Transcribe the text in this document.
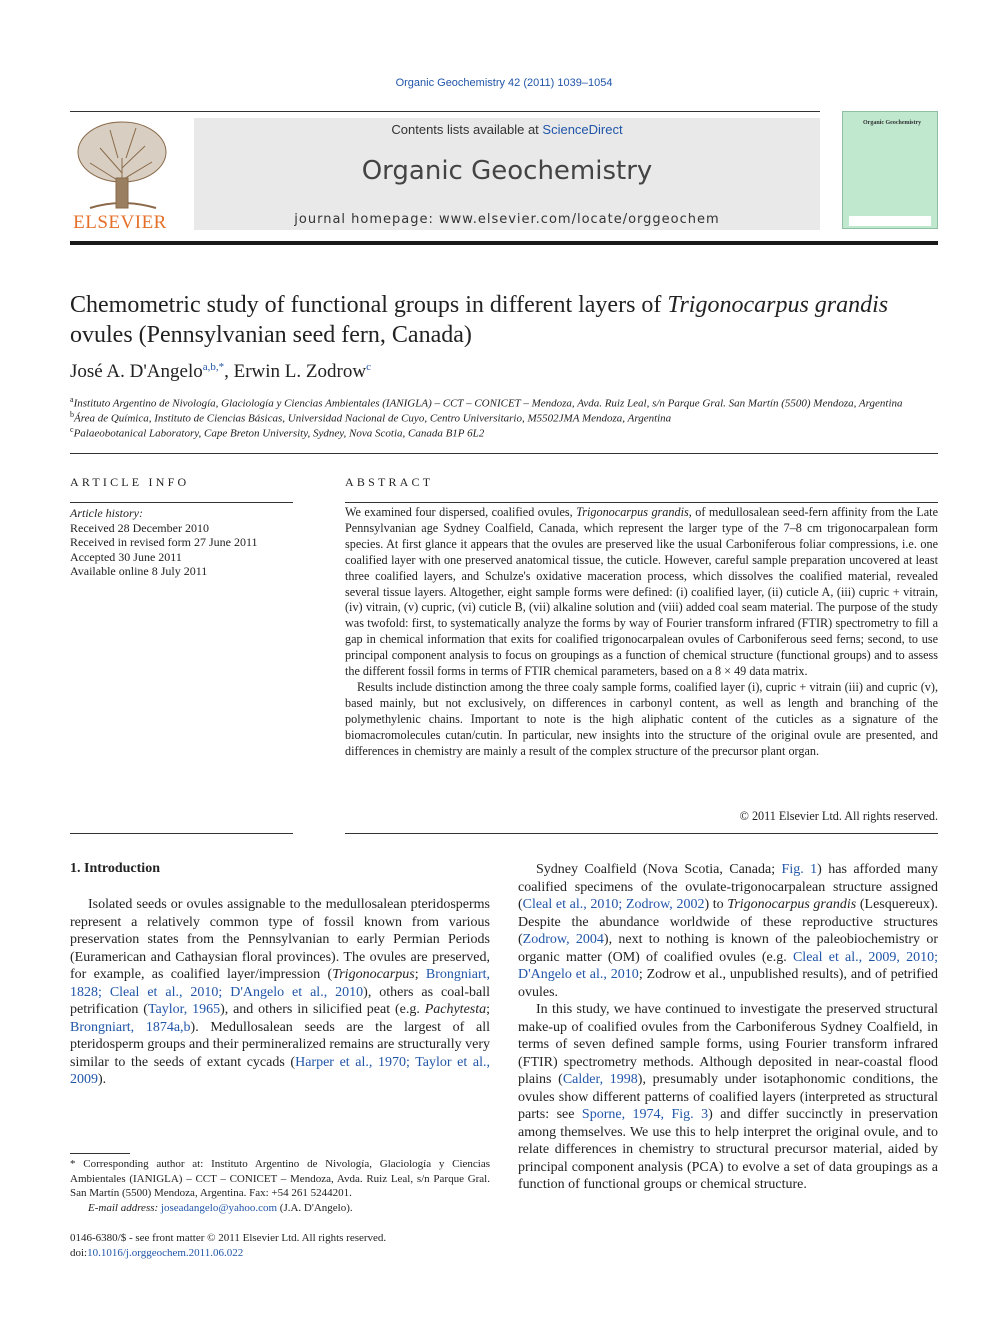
Organic Geochemistry 42 (2011) 1039–1054
ELSEVIER
Contents lists available at ScienceDirect
Organic Geochemistry
journal homepage: www.elsevier.com/locate/orggeochem
Organic Geochemistry
Chemometric study of functional groups in different layers of Trigonocarpus grandis ovules (Pennsylvanian seed fern, Canada)
José A. D'Angelo$^{a,b,*}$, Erwin L. Zodrow$^c$
$^a$Instituto Argentino de Nivología, Glaciología y Ciencias Ambientales (IANIGLA) – CCT – CONICET – Mendoza, Avda. Ruiz Leal, s/n Parque Gral. San Martín (5500) Mendoza, Argentina
$^b$Área de Química, Instituto de Ciencias Básicas, Universidad Nacional de Cuyo, Centro Universitario, M5502JMA Mendoza, Argentina
$^c$Palaeobotanical Laboratory, Cape Breton University, Sydney, Nova Scotia, Canada B1P 6L2
ARTICLE INFO
Article history:
Received 28 December 2010
Received in revised form 27 June 2011
Accepted 30 June 2011
Available online 8 July 2011
ABSTRACT

We examined four dispersed, coalified ovules, Trigonocarpus grandis, of medullosalean seed-fern affinity from the Late Pennsylvanian age Sydney Coalfield, Canada, which represent the larger type of the 7–8 cm trigonocarpalean form species. At first glance it appears that the ovules are preserved like the usual Carboniferous foliar compressions, i.e. one coalified layer with one preserved anatomical tissue, the cuticle. However, careful sample preparation uncovered at least three coalified layers, and Schulze's oxidative maceration process, which dissolves the coalified material, revealed several tissue layers. Altogether, eight sample forms were defined: (i) coalified layer, (ii) cuticle A, (iii) cupric + vitrain, (iv) vitrain, (v) cupric, (vi) cuticle B, (vii) alkaline solution and (viii) added coal seam material. The purpose of the study was twofold: first, to systematically analyze the forms by way of Fourier transform infrared (FTIR) spectrometry to fill a gap in chemical information that exits for coalified trigonocarpalean ovules of Carboniferous seed ferns; second, to use principal component analysis to focus on groupings as a function of chemical structure (functional groups) and to assess the different fossil forms in terms of FTIR chemical parameters, based on a 8 × 49 data matrix.

Results include distinction among the three coaly sample forms, coalified layer (i), cupric + vitrain (iii) and cupric (v), based mainly, but not exclusively, on differences in carbonyl content, as well as length and branching of the polymethylenic chains. Important to note is the high aliphatic content of the cuticles as a signature of the biomacromolecules cutan/cutin. In particular, new insights into the structure of the original ovule are presented, and differences in chemistry are mainly a result of the complex structure of the precursor plant organ.

© 2011 Elsevier Ltd. All rights reserved.
1. Introduction

Isolated seeds or ovules assignable to the medullosalean pteridosperms represent a relatively common type of fossil known from various preservation states from the Pennsylvanian to early Permian Periods (Euramerican and Cathaysian floral provinces). The ovules are preserved, for example, as coalified layer/impression (Trigonocarpus; Brongniart, 1828; Cleal et al., 2010; D'Angelo et al., 2010), others as coal-ball petrification (Taylor, 1965), and others in silicified peat (e.g. Pachytesta; Brongniart, 1874a,b). Medullosalean seeds are the largest of all pteridosperm groups and their permineralized remains are structurally very similar to the seeds of extant cycads (Harper et al., 1970; Taylor et al., 2009).

Sydney Coalfield (Nova Scotia, Canada; Fig. 1) has afforded many coalified specimens of the ovulate-trigonocarpalean structure assigned (Cleal et al., 2010; Zodrow, 2002) to Trigonocarpus grandis (Lesquereux). Despite the abundance worldwide of these reproductive structures (Zodrow, 2004), next to nothing is known of the paleobiochemistry or organic matter (OM) of coalified ovules (e.g. Cleal et al., 2009, 2010; D'Angelo et al., 2010; Zodrow et al., unpublished results), and of petrified ovules.

In this study, we have continued to investigate the preserved structural make-up of coalified ovules from the Carboniferous Sydney Coalfield, in terms of seven defined sample forms, using Fourier transform infrared (FTIR) spectrometry methods. Although deposited in near-coastal flood plains (Calder, 1998), presumably under isotaphonomic conditions, the ovules show different patterns of coalified layers (interpreted as structural parts: see Sporne, 1974, Fig. 3) and differ succinctly in preservation among themselves. We use this to help interpret the original ovule, and to relate differences in chemistry to structural precursor material, aided by principal component analysis (PCA) to evolve a set of data groupings as a function of functional groups or chemical structure.

* Corresponding author at: Instituto Argentino de Nivología, Glaciología y Ciencias Ambientales (IANIGLA) – CCT – CONICET – Mendoza, Avda. Ruiz Leal, s/n Parque Gral. San Martín (5500) Mendoza, Argentina. Fax: +54 261 5244201.

E-mail address: joseadangelo@yahoo.com (J.A. D'Angelo).

0146-6380/$ - see front matter © 2011 Elsevier Ltd. All rights reserved.
doi:10.1016/j.orggeochem.2011.06.022
